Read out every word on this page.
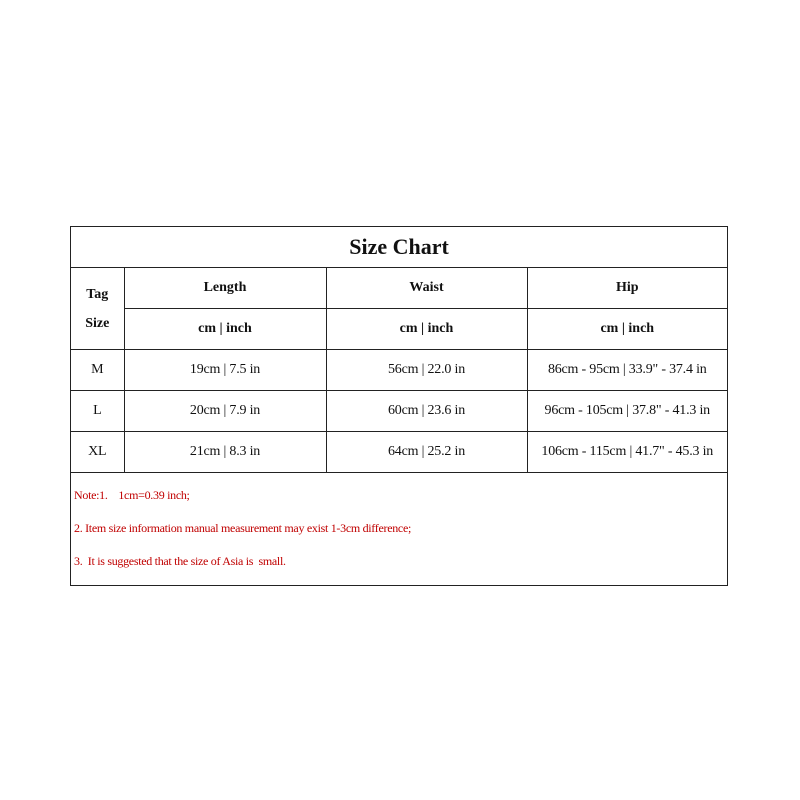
Size Chart			
Tag
Size	Length	Waist	Hip
	cm | inch	cm | inch	cm | inch
M	19cm | 7.5 in	56cm | 22.0 in	86cm - 95cm | 33.9" - 37.4 in
L	20cm | 7.9 in	60cm | 23.6 in	96cm - 105cm | 37.8" - 41.3 in
XL	21cm | 8.3 in	64cm | 25.2 in	106cm - 115cm | 41.7" - 45.3 in
Note:1.    1cm=0.39 inch;
2. Item size information manual measurement may exist 1-3cm difference;
3.  It is suggested that the size of Asia is  small.
